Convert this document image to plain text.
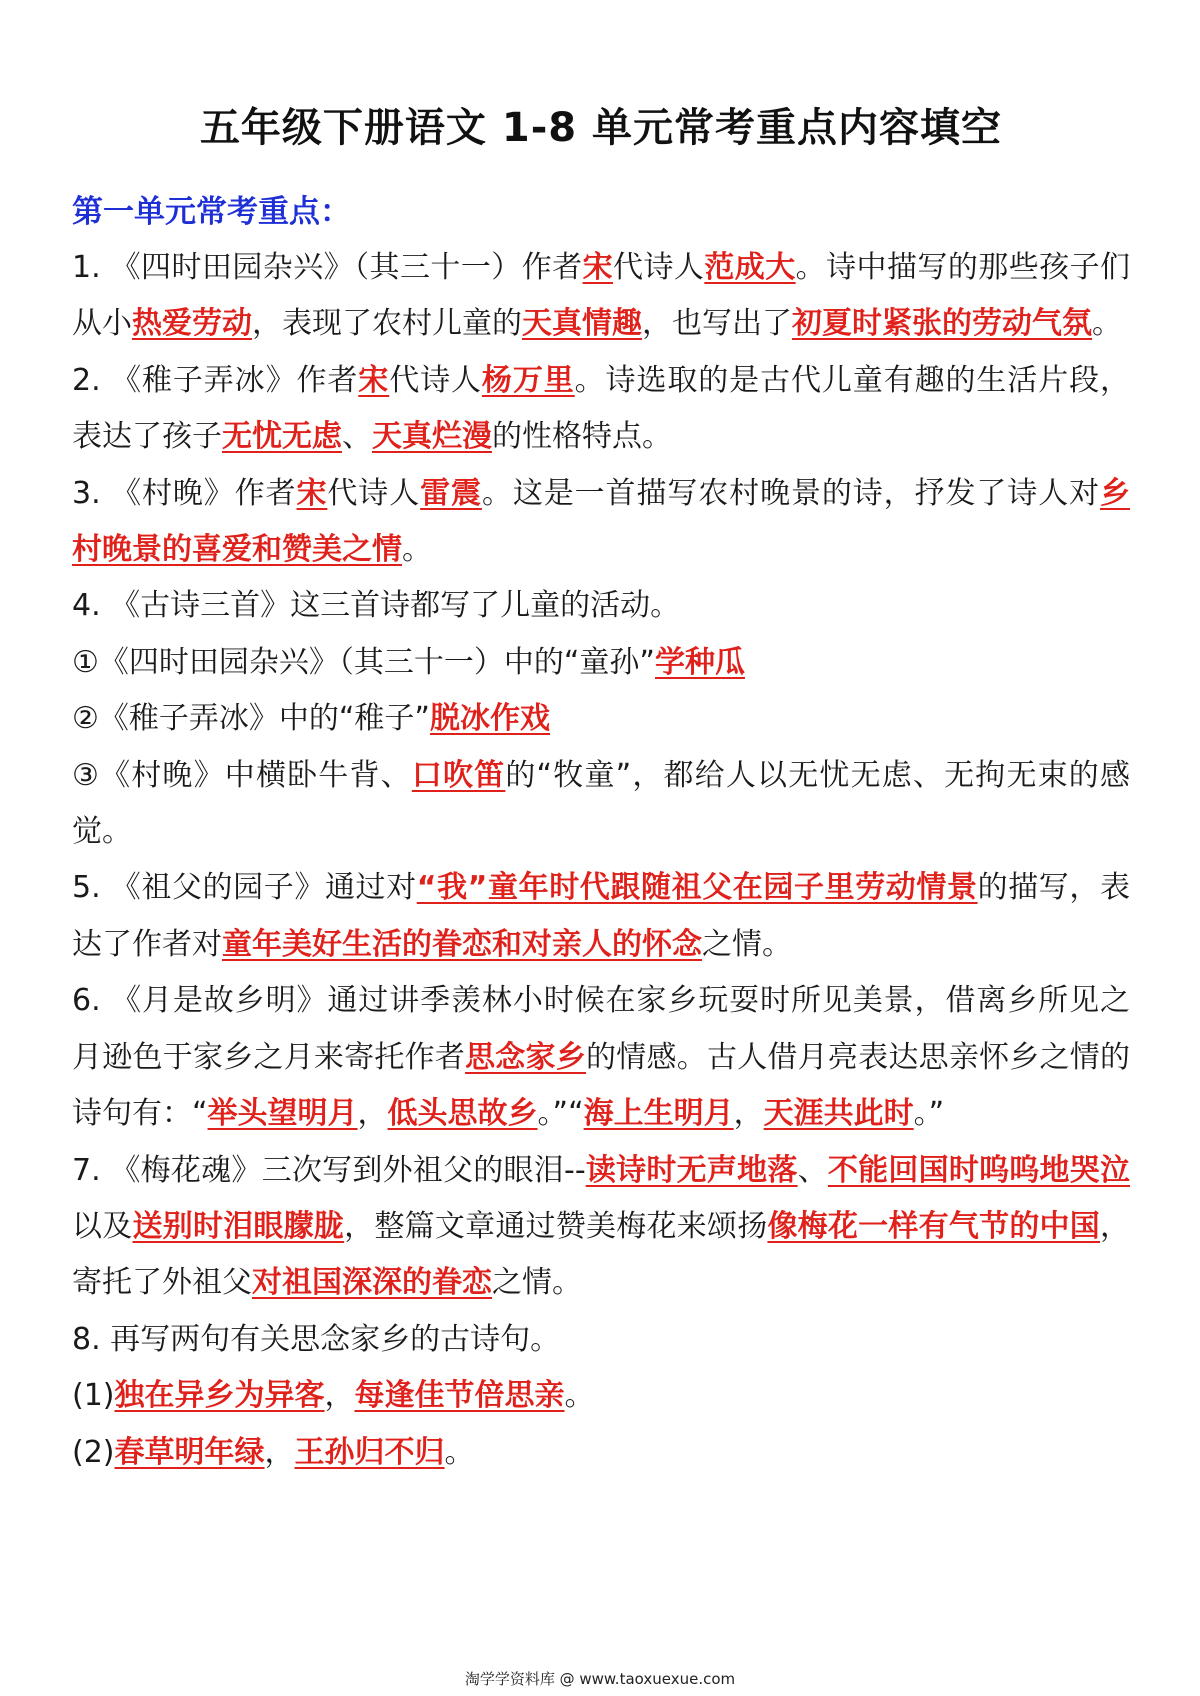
五年级下册语文 1-8 单元常考重点内容填空
第一单元常考重点：

1. 《四时田园杂兴》（其三十一）作者宋代诗人范成大。诗中描写的那些孩子们从小热爱劳动，表现了农村儿童的天真情趣，也写出了初夏时紧张的劳动气氛。

2. 《稚子弄冰》作者宋代诗人杨万里。诗选取的是古代儿童有趣的生活片段，表达了孩子无忧无虑、天真烂漫的性格特点。

3. 《村晚》作者宋代诗人雷震。这是一首描写农村晚景的诗，抒发了诗人对乡村晚景的喜爱和赞美之情。

4. 《古诗三首》这三首诗都写了儿童的活动。

①《四时田园杂兴》（其三十一）中的“童孙”学种瓜

②《稚子弄冰》中的“稚子”脱冰作戏

③《村晚》中横卧牛背、口吹笛的“牧童”，都给人以无忧无虑、无拘无束的感觉。

5. 《祖父的园子》通过对“我”童年时代跟随祖父在园子里劳动情景的描写，表达了作者对童年美好生活的眷恋和对亲人的怀念之情。

6. 《月是故乡明》通过讲季羡林小时候在家乡玩耍时所见美景，借离乡所见之月逊色于家乡之月来寄托作者思念家乡的情感。古人借月亮表达思亲怀乡之情的诗句有：“举头望明月，低头思故乡。”“海上生明月，天涯共此时。”

7. 《梅花魂》三次写到外祖父的眼泪--读诗时无声地落、不能回国时呜呜地哭泣以及送别时泪眼朦胧，整篇文章通过赞美梅花来颂扬像梅花一样有气节的中国，寄托了外祖父对祖国深深的眷恋之情。

8. 再写两句有关思念家乡的古诗句。

(1)独在异乡为异客，每逢佳节倍思亲。

(2)春草明年绿，王孙归不归。

淘学学资料库 @ www.taoxuexue.com
